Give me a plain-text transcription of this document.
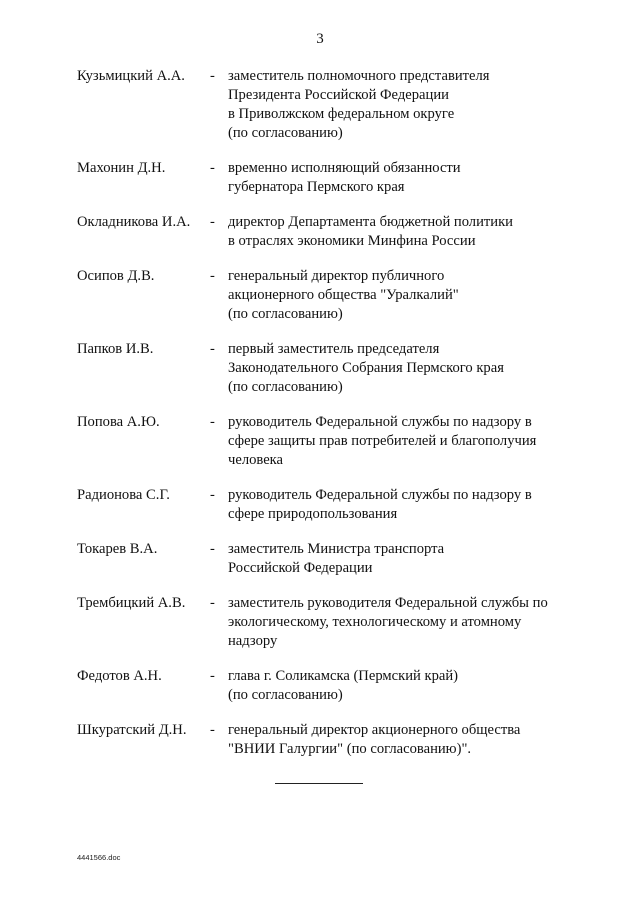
3
Кузьмицкий А.А. - заместитель полномочного представителя
Президента Российской Федерации
в Приволжском федеральном округе
(по согласованию)
Махонин Д.Н.	- временно исполняющий обязанности
губернатора Пермского края
Окладникова И.А. - директор Департамента бюджетной политики
в отраслях экономики Минфина России
Осипов Д.В.	- генеральный директор публичного
акционерного общества "Уралкалий"
(по согласованию)
Папков И.В.	- первый заместитель председателя
Законодательного Собрания Пермского края
(по согласованию)
Попова А.Ю.	- руководитель Федеральной службы по надзору в
сфере защиты прав потребителей и благополучия
человека
Радионова С.Г.	- руководитель Федеральной службы по надзору в
сфере природопользования
Токарев В.А.	- заместитель Министра транспорта
Российской Федерации
Трембицкий А.В. - заместитель руководителя Федеральной службы по
экологическому, технологическому и атомному
надзору
Федотов А.Н.	- глава г. Соликамска (Пермский край)
(по согласованию)
Шкуратский Д.Н. - генеральный директор акционерного общества
"ВНИИ Галургии" (по согласованию)".
4441566.doc
